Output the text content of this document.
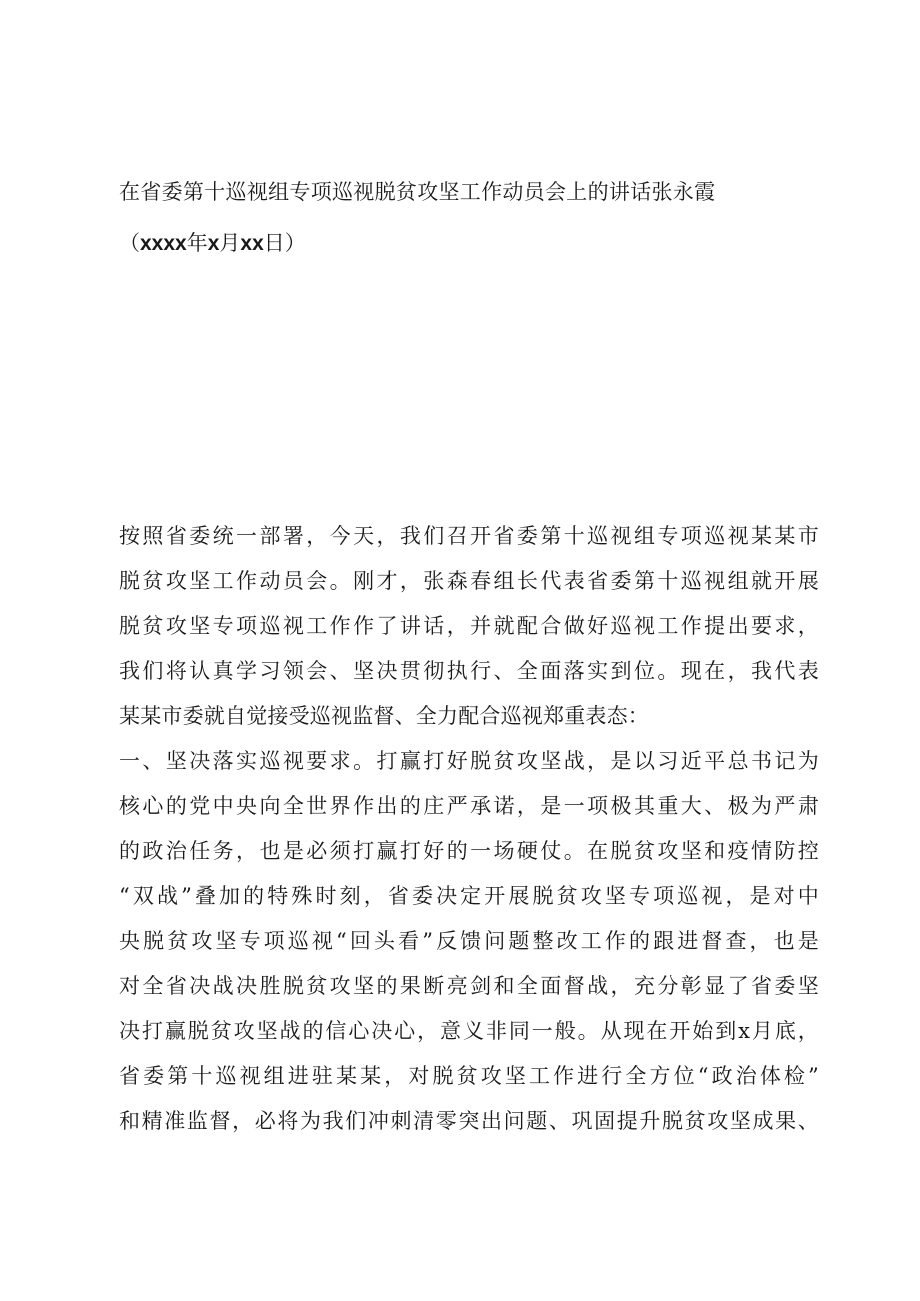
在省委第十巡视组专项巡视脱贫攻坚工作动员会上的讲话张永霞
（xxxx年x月xx日）
按照省委统一部署，今天，我们召开省委第十巡视组专项巡视某某市
脱贫攻坚工作动员会。刚才，张森春组长代表省委第十巡视组就开展
脱贫攻坚专项巡视工作作了讲话，并就配合做好巡视工作提出要求，
我们将认真学习领会、坚决贯彻执行、全面落实到位。现在，我代表
某某市委就自觉接受巡视监督、全力配合巡视郑重表态：
一、坚决落实巡视要求。打赢打好脱贫攻坚战，是以习近平总书记为
核心的党中央向全世界作出的庄严承诺，是一项极其重大、极为严肃
的政治任务，也是必须打赢打好的一场硬仗。在脱贫攻坚和疫情防控
“双战”叠加的特殊时刻，省委决定开展脱贫攻坚专项巡视，是对中
央脱贫攻坚专项巡视“回头看”反馈问题整改工作的跟进督查，也是
对全省决战决胜脱贫攻坚的果断亮剑和全面督战，充分彰显了省委坚
决打赢脱贫攻坚战的信心决心，意义非同一般。从现在开始到x月底，
省委第十巡视组进驻某某，对脱贫攻坚工作进行全方位“政治体检”
和精准监督，必将为我们冲刺清零突出问题、巩固提升脱贫攻坚成果、
